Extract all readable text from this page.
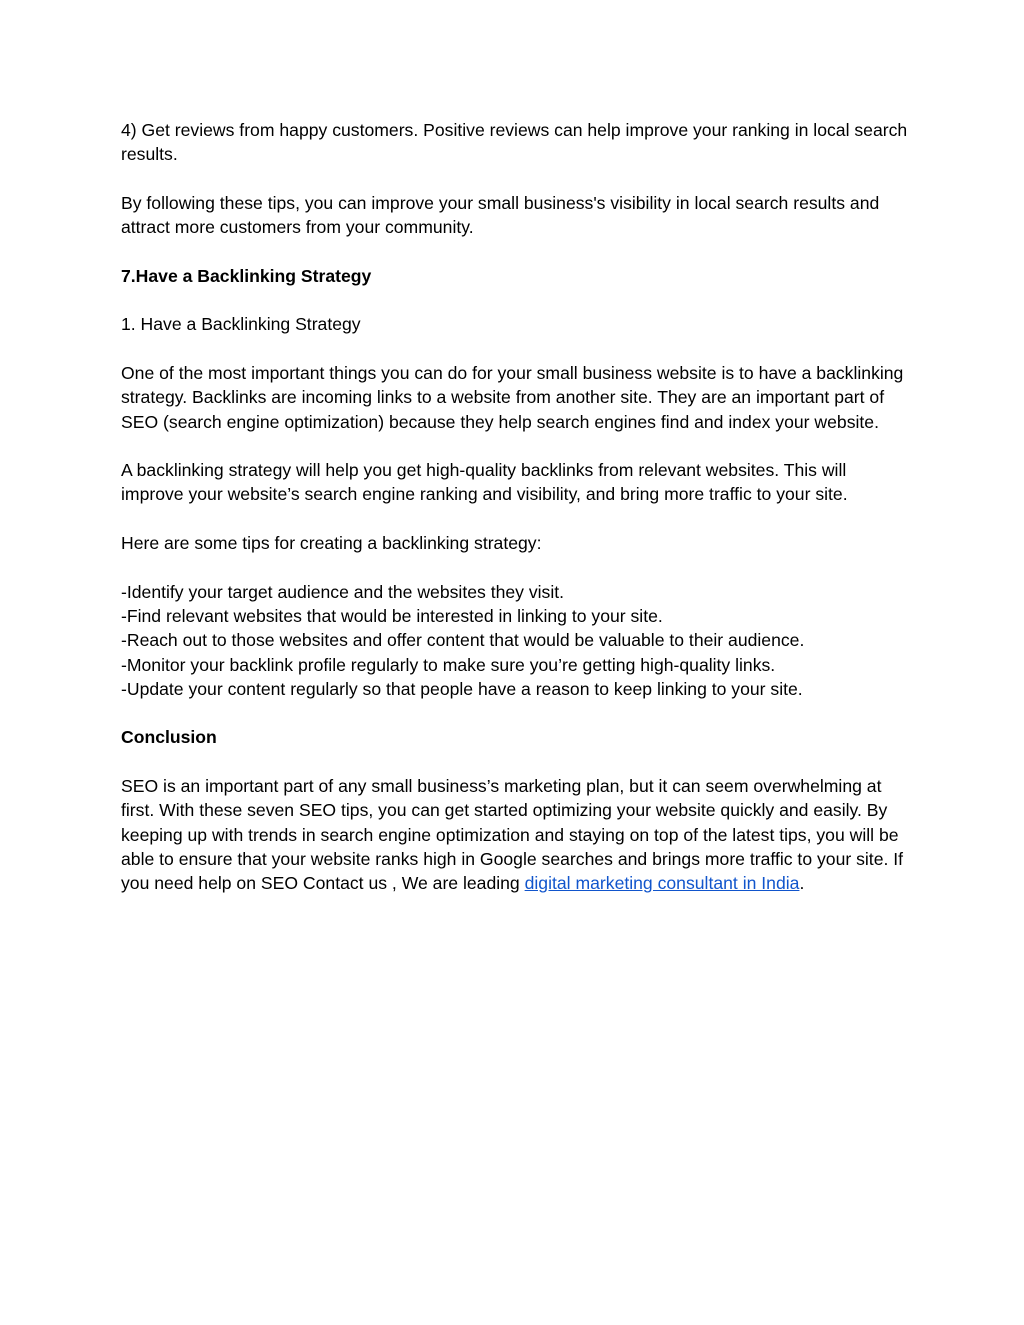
4) Get reviews from happy customers. Positive reviews can help improve your ranking in local search results.

By following these tips, you can improve your small business's visibility in local search results and attract more customers from your community.

7.Have a Backlinking Strategy

1. Have a Backlinking Strategy

One of the most important things you can do for your small business website is to have a backlinking strategy. Backlinks are incoming links to a website from another site. They are an important part of SEO (search engine optimization) because they help search engines find and index your website.

A backlinking strategy will help you get high-quality backlinks from relevant websites. This will improve your website’s search engine ranking and visibility, and bring more traffic to your site.

Here are some tips for creating a backlinking strategy:

-Identify your target audience and the websites they visit.
-Find relevant websites that would be interested in linking to your site.
-Reach out to those websites and offer content that would be valuable to their audience.
-Monitor your backlink profile regularly to make sure you’re getting high-quality links.
-Update your content regularly so that people have a reason to keep linking to your site.

Conclusion

SEO is an important part of any small business’s marketing plan, but it can seem overwhelming at first. With these seven SEO tips, you can get started optimizing your website quickly and easily. By keeping up with trends in search engine optimization and staying on top of the latest tips, you will be able to ensure that your website ranks high in Google searches and brings more traffic to your site. If you need help on SEO Contact us , We are leading digital marketing consultant in India.
